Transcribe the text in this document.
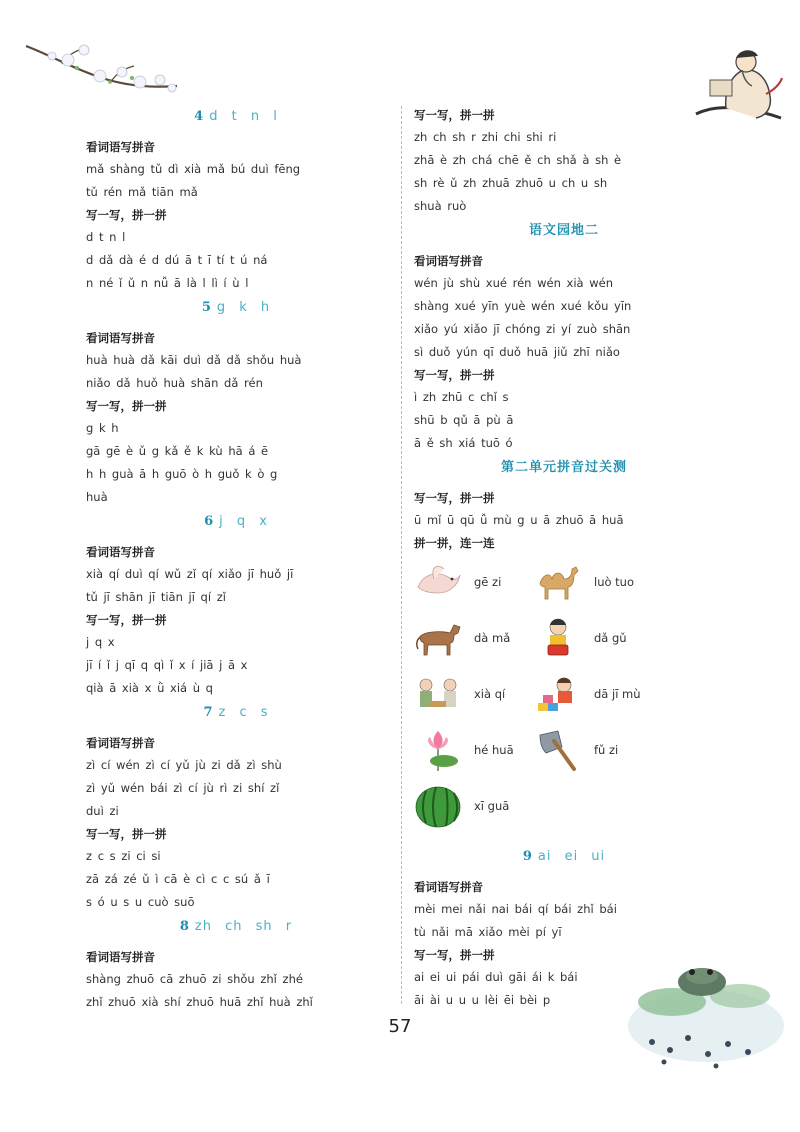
4 d t n l
看词语写拼音
mǎ shàng tǔ dì xià mǎ bú duì fēng
tǔ rén mǎ tiān mǎ
写一写，拼一拼
d t n l
d dǎ dà é d dú ā t ī tí t ú ná
n né ǐ ǔ n nǚ ā là l lì í ù l
5 g k h
看词语写拼音
huà huà dǎ kāi duì dǎ dǎ shǒu huà
niǎo dǎ huǒ huà shān dǎ rén
写一写，拼一拼
g k h
gā gē è ǔ g kǎ ě k kù hā á ē
h h guà ā h guō ò h guǒ k ò g
huà
6 j q x
看词语写拼音
xià qí duì qí wǔ zǐ qí xiǎo jī huǒ jī
tǔ jī shān jī tiān jī qí zǐ
写一写，拼一拼
j q x
jī í ǐ j qī q qì ǐ x í jiā j ā x
qià ā xià x ǜ xiá ù q
7 z c s
看词语写拼音
zì cí wén zì cí yǔ jù zi dǎ zì shù
zì yǔ wén bái zì cí jù rì zi shí zǐ
duì zi
写一写，拼一拼
z c s zi ci si
zā zá zé ǔ ì cā è cì c c sú ǎ ī
s ó u s u cuò suō
8 zh ch sh r
看词语写拼音
shàng zhuō cā zhuō zi shǒu zhǐ zhé
zhǐ zhuō xià shí zhuō huā zhǐ huà zhǐ
写一写，拼一拼
zh ch sh r zhi chi shi ri
zhā è zh chá chē ě ch shǎ à sh è
sh rè ǔ zh zhuā zhuō u ch u sh
shuà ruò
语文园地二
看词语写拼音
wén jù shù xué rén wén xià wén
shàng xué yīn yuè wén xué kǒu yīn
xiǎo yú xiǎo jī chóng zi yí zuò shān
sì duǒ yún qī duǒ huā jiǔ zhī niǎo
写一写，拼一拼
ì zh zhū c chǐ s
shū b qǔ ā pù ā
ā ě sh xiá tuō ó
第二单元拼音过关测
写一写，拼一拼
ū mǐ ū qū ǚ mù g u ā zhuō ā huā
拼一拼，连一连
gē zi	luò tuo
dà mǎ	dǎ gǔ
xià qí	dā jī mù
hé huā	fǔ zi
xī guā
9 ai ei ui
看词语写拼音
mèi mei nǎi nai bái qí bái zhǐ bái
tù nǎi mā xiǎo mèi pí yī
写一写，拼一拼
ai ei ui pái duì gāi ái k bái
āi ài u u u lèi ēi bèi p
57
